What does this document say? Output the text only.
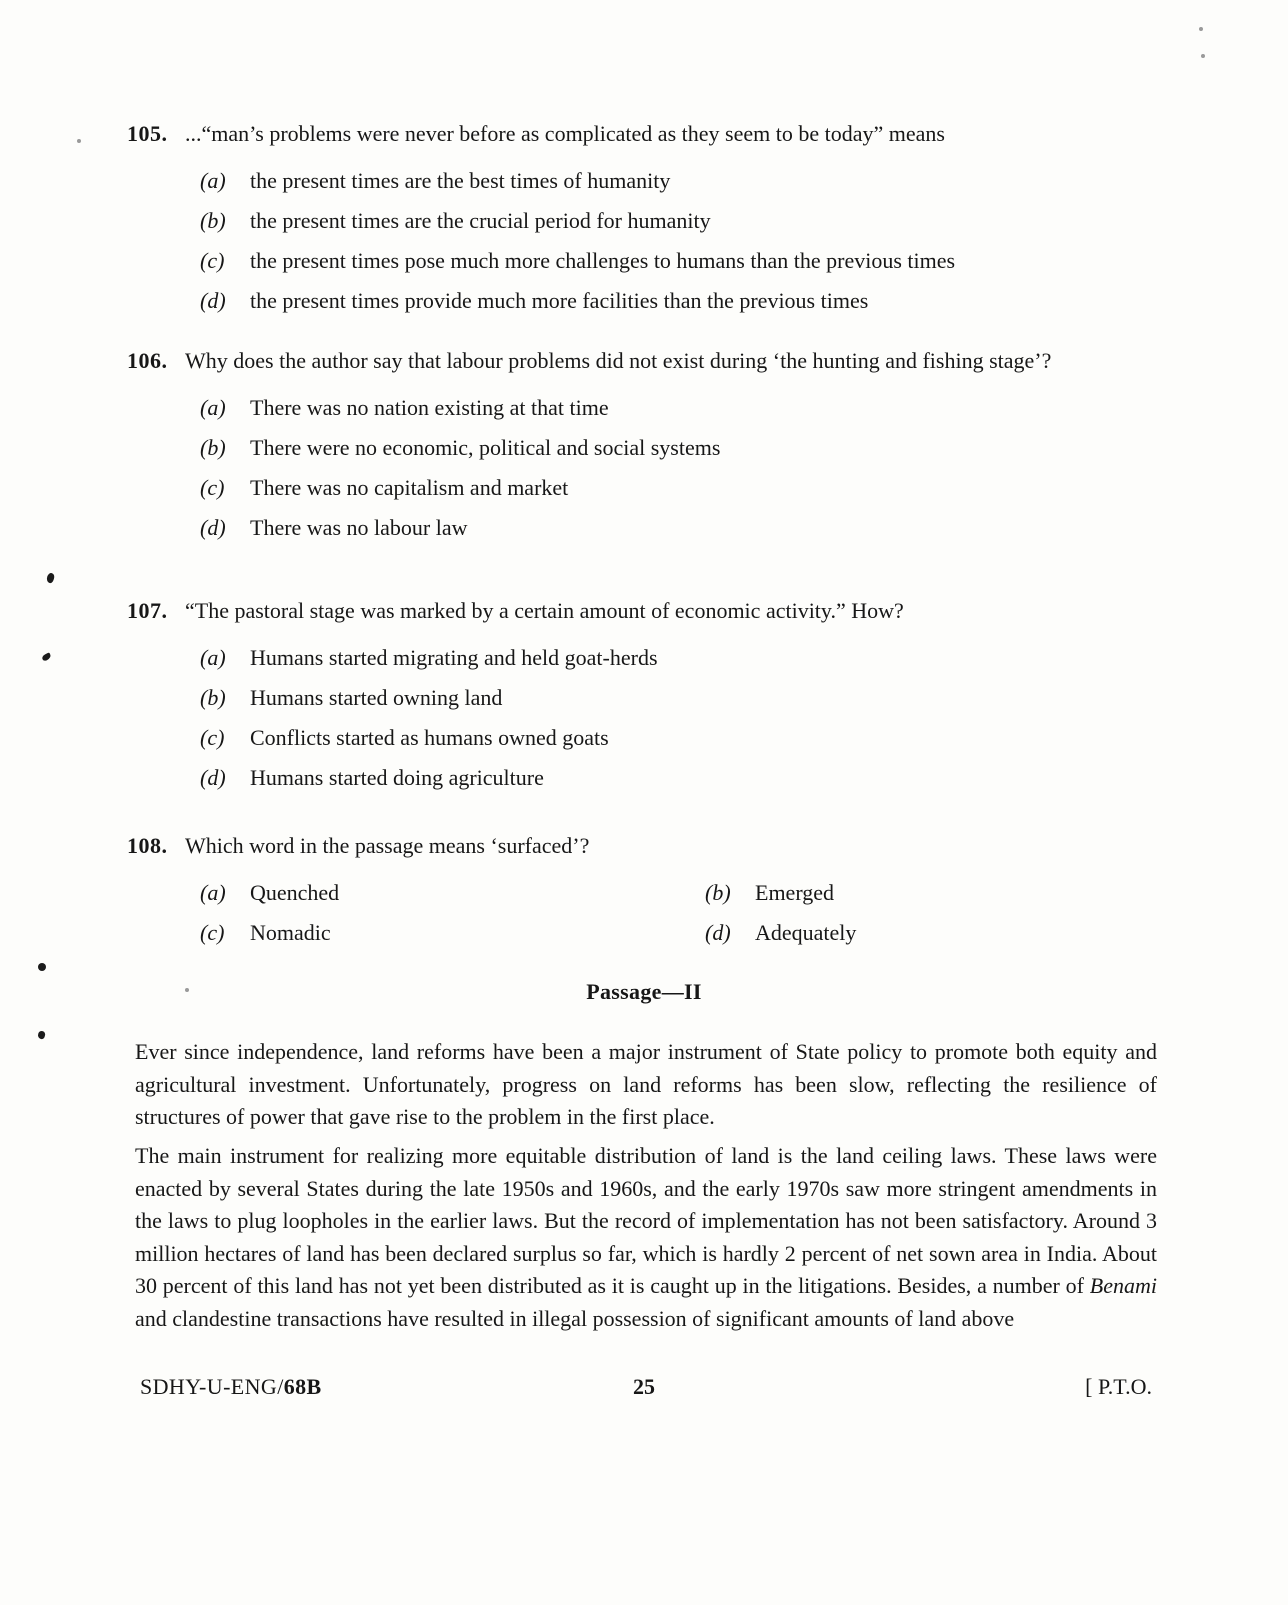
105. ...“man’s problems were never before as complicated as they seem to be today” means
(a)	the present times are the best times of humanity
(b)	the present times are the crucial period for humanity
(c)	the present times pose much more challenges to humans than the previous times
(d)	the present times provide much more facilities than the previous times
106. Why does the author say that labour problems did not exist during ‘the hunting and fishing stage’?
(a)	There was no nation existing at that time
(b)	There were no economic, political and social systems
(c)	There was no capitalism and market
(d)	There was no labour law
107. “The pastoral stage was marked by a certain amount of economic activity.” How?
(a)	Humans started migrating and held goat-herds
(b)	Humans started owning land
(c)	Conflicts started as humans owned goats
(d)	Humans started doing agriculture
108. Which word in the passage means ‘surfaced’?
(a)	Quenched	(b)	Emerged
(c)	Nomadic	(d)	Adequately
Passage—II

Ever since independence, land reforms have been a major instrument of State policy to promote both equity and agricultural investment. Unfortunately, progress on land reforms has been slow, reflecting the resilience of structures of power that gave rise to the problem in the first place.

The main instrument for realizing more equitable distribution of land is the land ceiling laws. These laws were enacted by several States during the late 1950s and 1960s, and the early 1970s saw more stringent amendments in the laws to plug loopholes in the earlier laws. But the record of implementation has not been satisfactory. Around 3 million hectares of land has been declared surplus so far, which is hardly 2 percent of net sown area in India. About 30 percent of this land has not yet been distributed as it is caught up in the litigations. Besides, a number of Benami and clandestine transactions have resulted in illegal possession of significant amounts of land above

SDHY-U-ENG/68B	25	[ P.T.O.
